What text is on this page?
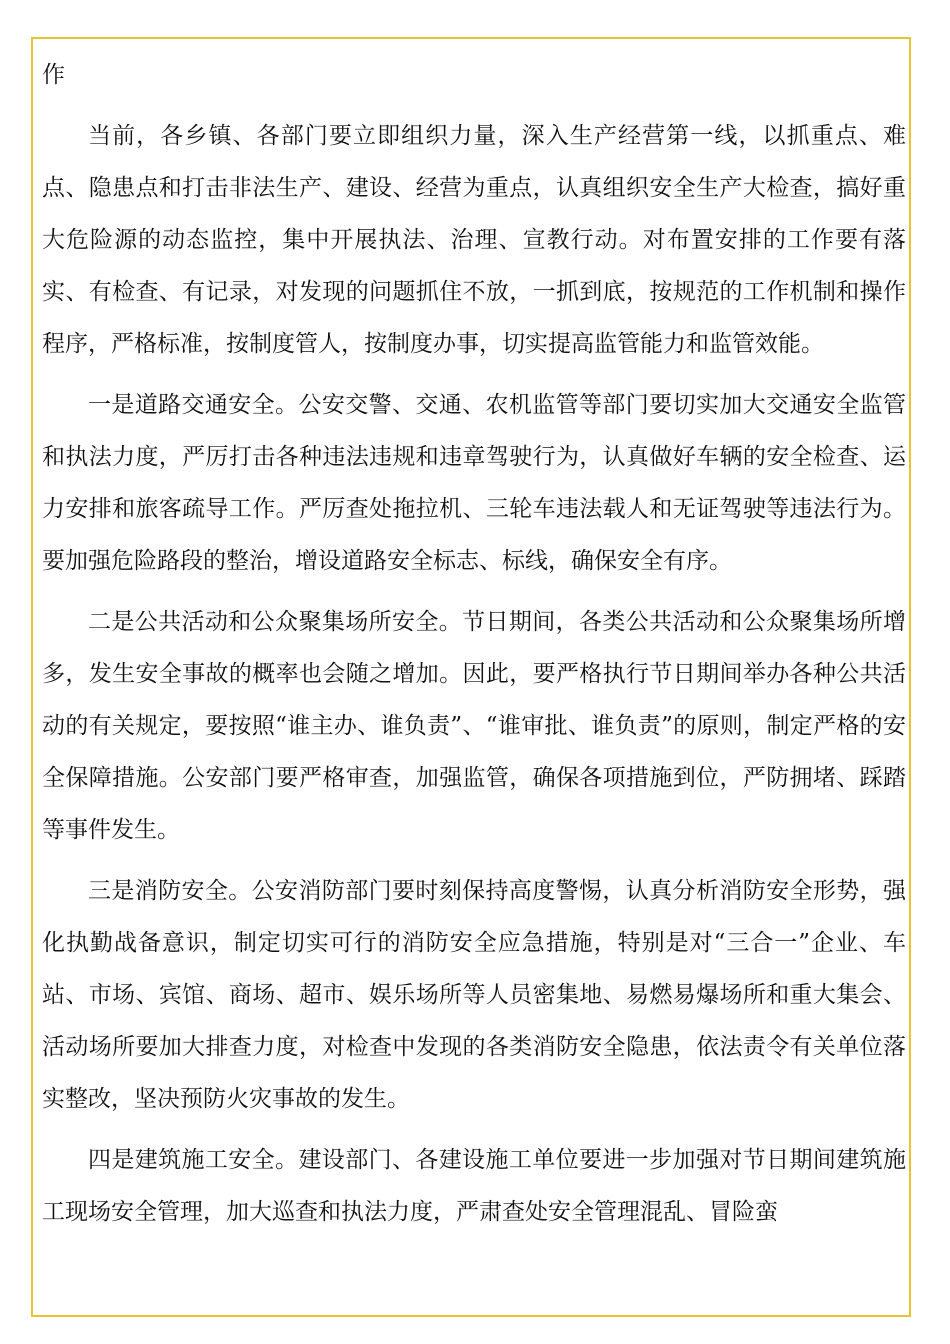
作

当前，各乡镇、各部门要立即组织力量，深入生产经营第一线，以抓重点、难点、隐患点和打击非法生产、建设、经营为重点，认真组织安全生产大检查，搞好重大危险源的动态监控，集中开展执法、治理、宣教行动。对布置安排的工作要有落实、有检查、有记录，对发现的问题抓住不放，一抓到底，按规范的工作机制和操作程序，严格标准，按制度管人，按制度办事，切实提高监管能力和监管效能。

一是道路交通安全。公安交警、交通、农机监管等部门要切实加大交通安全监管和执法力度，严厉打击各种违法违规和违章驾驶行为，认真做好车辆的安全检查、运力安排和旅客疏导工作。严厉查处拖拉机、三轮车违法载人和无证驾驶等违法行为。要加强危险路段的整治，增设道路安全标志、标线，确保安全有序。

二是公共活动和公众聚集场所安全。节日期间，各类公共活动和公众聚集场所增多，发生安全事故的概率也会随之增加。因此，要严格执行节日期间举办各种公共活动的有关规定，要按照“谁主办、谁负责”、“谁审批、谁负责”的原则，制定严格的安全保障措施。公安部门要严格审查，加强监管，确保各项措施到位，严防拥堵、踩踏等事件发生。

三是消防安全。公安消防部门要时刻保持高度警惕，认真分析消防安全形势，强化执勤战备意识，制定切实可行的消防安全应急措施，特别是对“三合一”企业、车站、市场、宾馆、商场、超市、娱乐场所等人员密集地、易燃易爆场所和重大集会、活动场所要加大排查力度，对检查中发现的各类消防安全隐患，依法责令有关单位落实整改，坚决预防火灾事故的发生。

四是建筑施工安全。建设部门、各建设施工单位要进一步加强对节日期间建筑施工现场安全管理，加大巡查和执法力度，严肃查处安全管理混乱、冒险蛮
